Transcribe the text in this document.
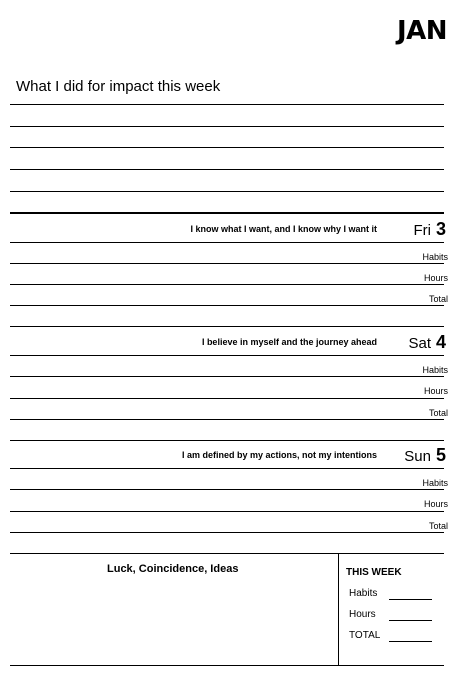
JAN
What I did for impact this week
I know what I want, and I know why I want it Fri 3
Habits
Hours
Total
I believe in myself and the journey ahead Sat 4
Habits
Hours
Total
I am defined by my actions, not my intentions Sun 5
Habits
Hours
Total
Luck, Coincidence, Ideas	THIS WEEK
Habits
Hours
TOTAL
